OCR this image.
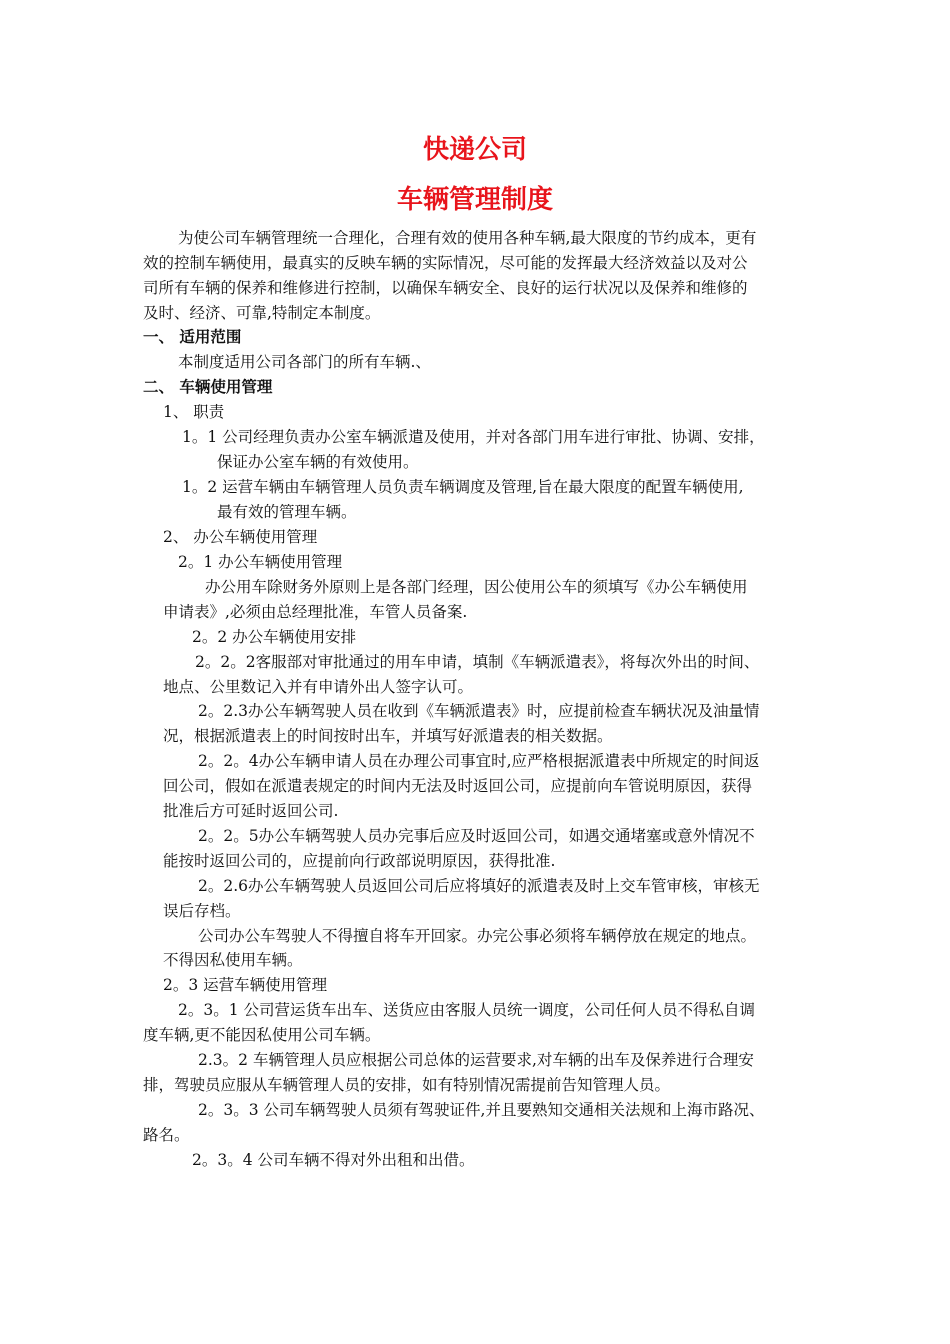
快递公司
车辆管理制度
为使公司车辆管理统一合理化，合理有效的使用各种车辆,最大限度的节约成本，更有
效的控制车辆使用，最真实的反映车辆的实际情况，尽可能的发挥最大经济效益以及对公
司所有车辆的保养和维修进行控制，以确保车辆安全、良好的运行状况以及保养和维修的
及时、经济、可靠,特制定本制度。
一、 适用范围
本制度适用公司各部门的所有车辆.、
二、 车辆使用管理
1、 职责
1。1 公司经理负责办公室车辆派遣及使用，并对各部门用车进行审批、协调、安排，
保证办公室车辆的有效使用。
1。2 运营车辆由车辆管理人员负责车辆调度及管理,旨在最大限度的配置车辆使用,
最有效的管理车辆。
2、 办公车辆使用管理
2。1 办公车辆使用管理
办公用车除财务外原则上是各部门经理，因公使用公车的须填写《办公车辆使用
申请表》,必须由总经理批准，车管人员备案.
2。2 办公车辆使用安排
2。2。2客服部对审批通过的用车申请，填制《车辆派遣表》，将每次外出的时间、
地点、公里数记入并有申请外出人签字认可。
2。2.3办公车辆驾驶人员在收到《车辆派遣表》时，应提前检查车辆状况及油量情
况，根据派遣表上的时间按时出车，并填写好派遣表的相关数据。
2。2。4办公车辆申请人员在办理公司事宜时,应严格根据派遣表中所规定的时间返
回公司，假如在派遣表规定的时间内无法及时返回公司，应提前向车管说明原因，获得
批准后方可延时返回公司.
2。2。5办公车辆驾驶人员办完事后应及时返回公司，如遇交通堵塞或意外情况不
能按时返回公司的，应提前向行政部说明原因，获得批准.
2。2.6办公车辆驾驶人员返回公司后应将填好的派遣表及时上交车管审核，审核无
误后存档。
公司办公车驾驶人不得擅自将车开回家。办完公事必须将车辆停放在规定的地点。
不得因私使用车辆。
2。3 运营车辆使用管理
2。3。1 公司营运货车出车、送货应由客服人员统一调度，公司任何人员不得私自调
度车辆,更不能因私使用公司车辆。
2.3。2 车辆管理人员应根据公司总体的运营要求,对车辆的出车及保养进行合理安
排，驾驶员应服从车辆管理人员的安排，如有特别情况需提前告知管理人员。
2。3。3 公司车辆驾驶人员须有驾驶证件,并且要熟知交通相关法规和上海市路况、
路名。
2。3。4 公司车辆不得对外出租和出借。
